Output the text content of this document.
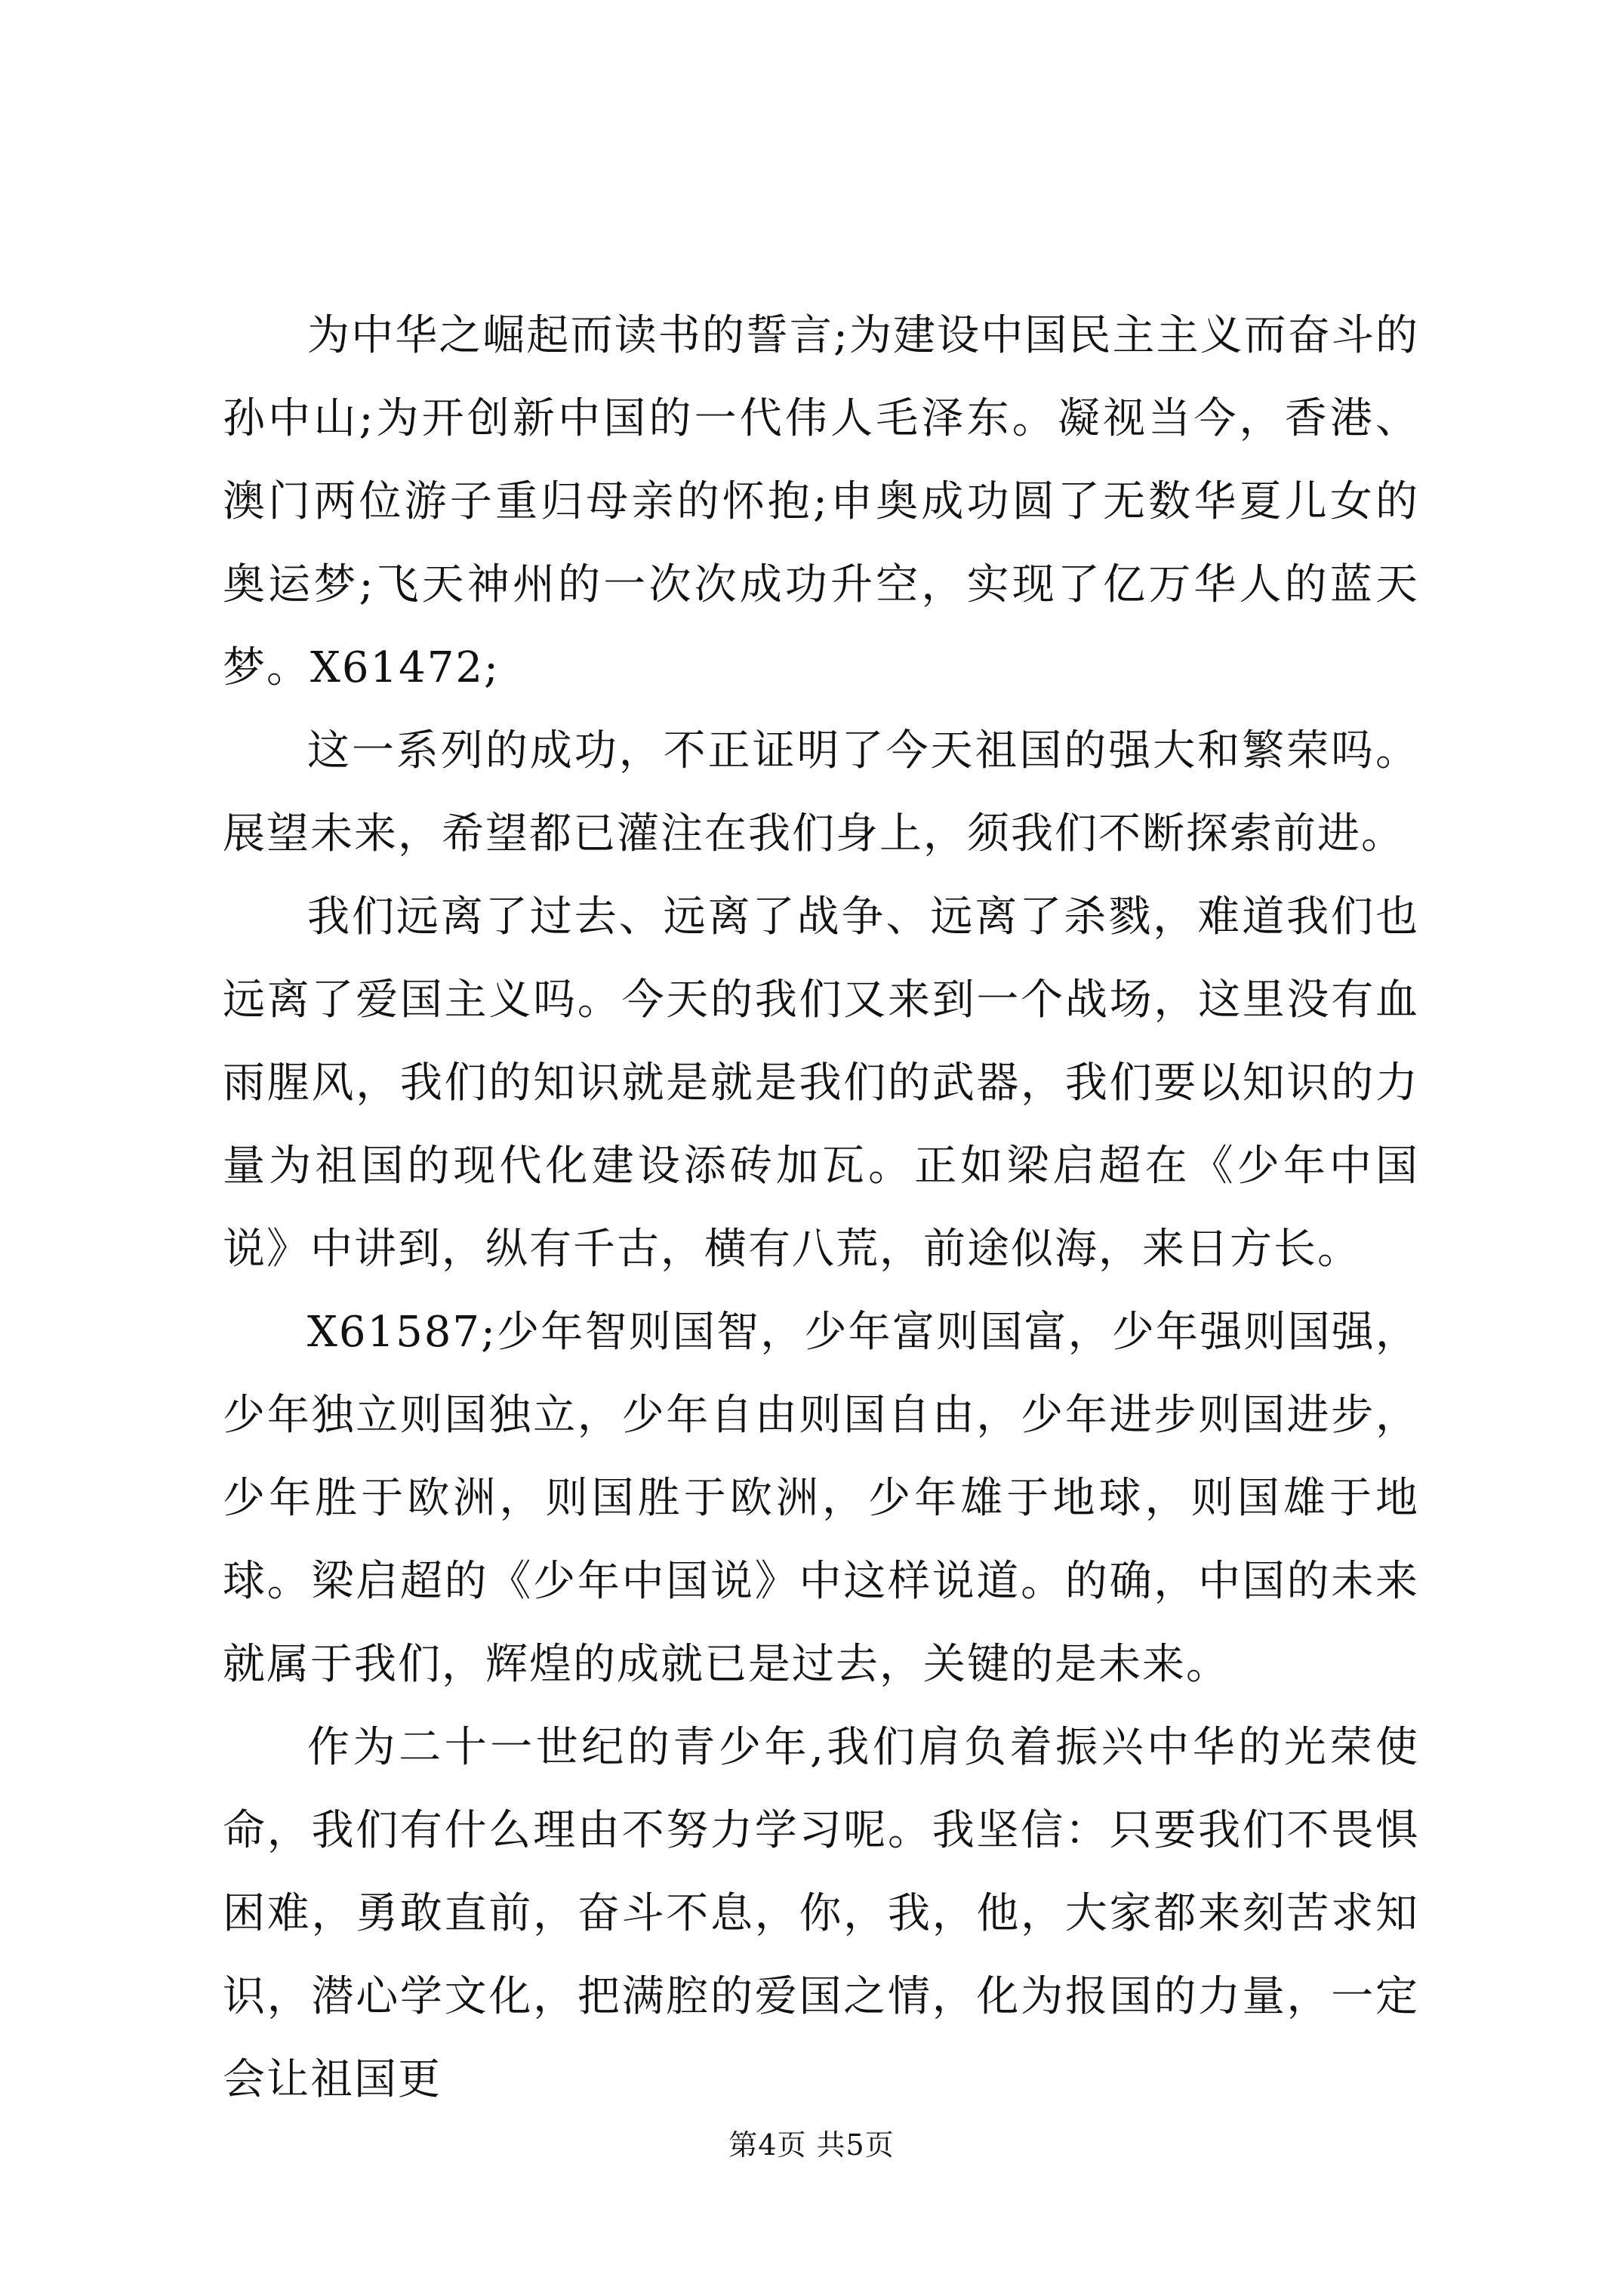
为中华之崛起而读书的誓言;为建设中国民主主义而奋斗的孙中山;为开创新中国的一代伟人毛泽东。凝视当今，香港、澳门两位游子重归母亲的怀抱;申奥成功圆了无数华夏儿女的奥运梦;飞天神州的一次次成功升空，实现了亿万华人的蓝天梦。X61472;

这一系列的成功，不正证明了今天祖国的强大和繁荣吗。展望未来，希望都已灌注在我们身上，须我们不断探索前进。

我们远离了过去、远离了战争、远离了杀戮，难道我们也远离了爱国主义吗。今天的我们又来到一个战场，这里没有血雨腥风，我们的知识就是就是我们的武器，我们要以知识的力量为祖国的现代化建设添砖加瓦。正如梁启超在《少年中国说》中讲到，纵有千古，横有八荒，前途似海，来日方长。

X61587;少年智则国智，少年富则国富，少年强则国强，少年独立则国独立，少年自由则国自由，少年进步则国进步，少年胜于欧洲，则国胜于欧洲，少年雄于地球，则国雄于地球。梁启超的《少年中国说》中这样说道。的确，中国的未来就属于我们，辉煌的成就已是过去，关键的是未来。

作为二十一世纪的青少年,我们肩负着振兴中华的光荣使命，我们有什么理由不努力学习呢。我坚信：只要我们不畏惧困难，勇敢直前，奋斗不息，你，我，他，大家都来刻苦求知识，潜心学文化，把满腔的爱国之情，化为报国的力量，一定会让祖国更

第4页 共5页
